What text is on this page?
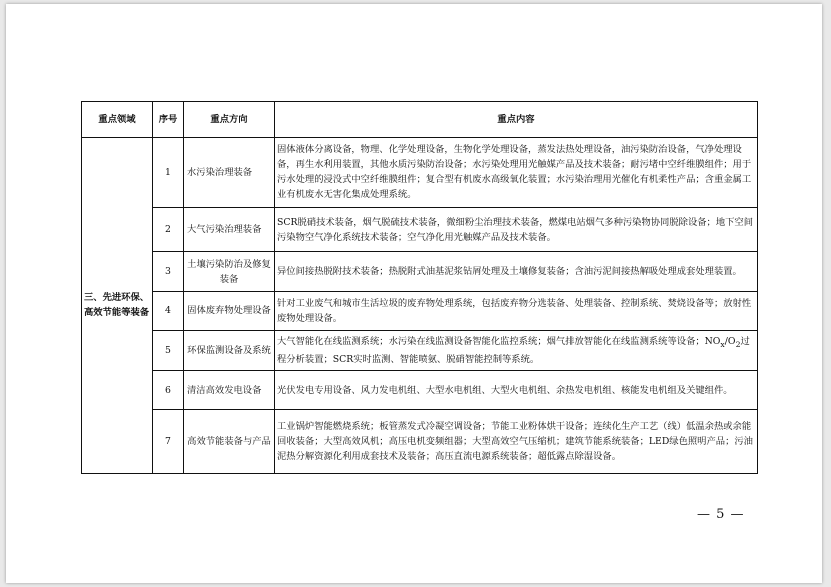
重点领域	序号	重点方向	重点内容
三、先进环保、高效节能等装备	1	水污染治理装备	固体液体分离设备，物理、化学处理设备，生物化学处理设备，蒸发法热处理设备，油污染防治设备，气净处理设备，再生水利用装置，其他水质污染防治设备；水污染处理用光触媒产品及技术装备；耐污堵中空纤维膜组件；用于污水处理的浸没式中空纤维膜组件；复合型有机废水高级氧化装置；水污染治理用光催化有机柔性产品；含重金属工业有机废水无害化集成处理系统。
	2	大气污染治理装备	SCR脱硝技术装备，烟气脱硫技术装备，微细粉尘治理技术装备，燃煤电站烟气多种污染物协同脱除设备；地下空间污染物空气净化系统技术装备；空气净化用光触媒产品及技术装备。
	3	土壤污染防治及修复装备	异位间接热脱附技术装备；热脱附式油基泥浆钻屑处理及土壤修复装备；含油污泥间接热解吸处理成套处理装置。
	4	固体废弃物处理设备	针对工业废气和城市生活垃圾的废弃物处理系统，包括废弃物分选装备、处理装备、控制系统、焚烧设备等；放射性废物处理设备。
	5	环保监测设备及系统	大气智能化在线监测系统；水污染在线监测设备智能化监控系统；烟气排放智能化在线监测系统等设备；$NO_x/O_2$过程分析装置；SCR实时监测、智能喷氨、脱硝智能控制等系统。
	6	清洁高效发电设备	光伏发电专用设备、风力发电机组、大型水电机组、大型火电机组、余热发电机组、核能发电机组及关键组件。
	7	高效节能装备与产品	工业锅炉智能燃烧系统；板管蒸发式冷凝空调设备；节能工业粉体烘干设备；连续化生产工艺（线）低温余热或余能回收装备；大型高效风机；高压电机变频组器；大型高效空气压缩机；建筑节能系统装备；LED绿色照明产品；污油泥热分解资源化利用成套技术及装备；高压直流电源系统装备；超低露点除湿设备。
— 5 —
